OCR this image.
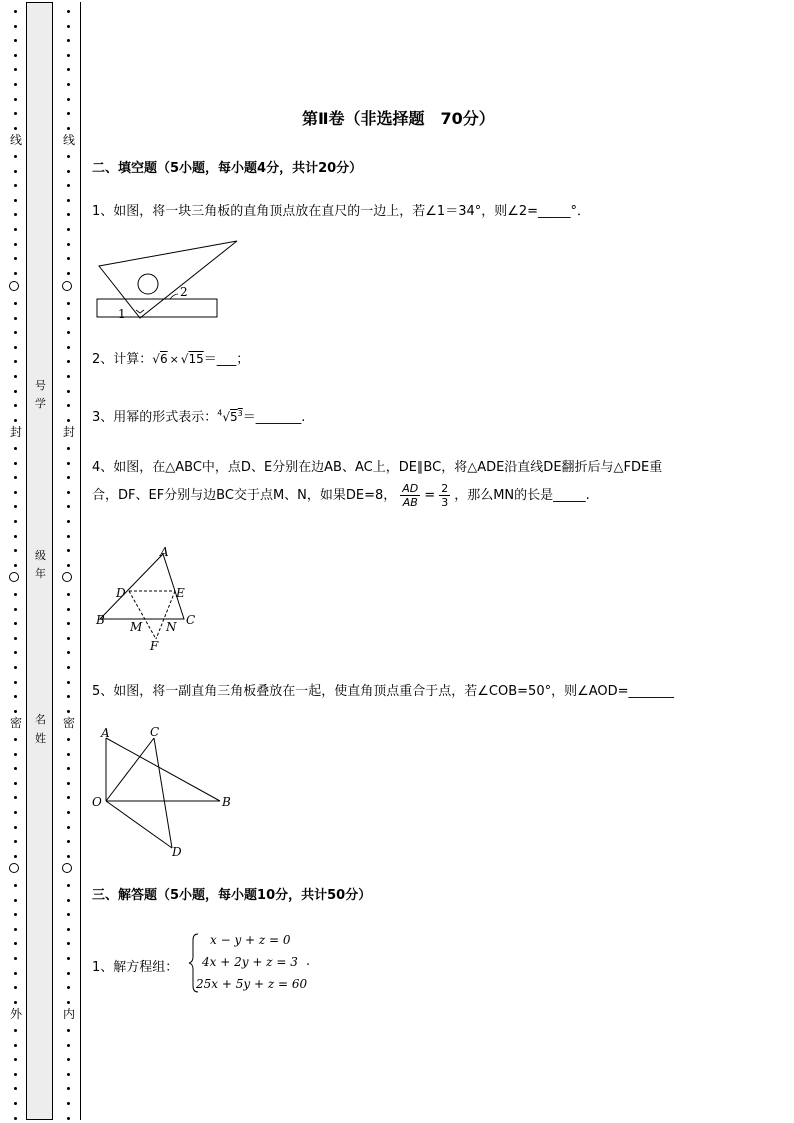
线
封
密
外
号
学
级
年
名
姓
线
封
密
内
第Ⅱ卷（非选择题　70分）
二、填空题（5小题，每小题4分，共计20分）
1、如图，将一块三角板的直角顶点放在直尺的一边上，若∠1＝34°，则∠2=_____°．
1
2
2、计算：√6 × √15＝___；
3、用幂的形式表示：$^4√5^3=\_\_\_\_\_\_\_$.
4、如图，在△ABC中，点D、E分别在边AB、AC上，DE∥BC，将△ADE沿直线DE翻折后与△FDE重
合，DF、EF分别与边BC交于点M、N，如果DE=8， $\frac{AD}{AB} = \frac{2}{3}$ ，那么MN的长是_____.
A
B	C
D	E
M N
F
5、如图，将一副直角三角板叠放在一起，使直角顶点重合于点，若∠COB=50°，则∠AOD=_______
A	C
O	B
D
三、解答题（5小题，每小题10分，共计50分）
1、解方程组：
x − y + z = 0
4x + 2y + z = 3
25x + 5y + z = 60
.
